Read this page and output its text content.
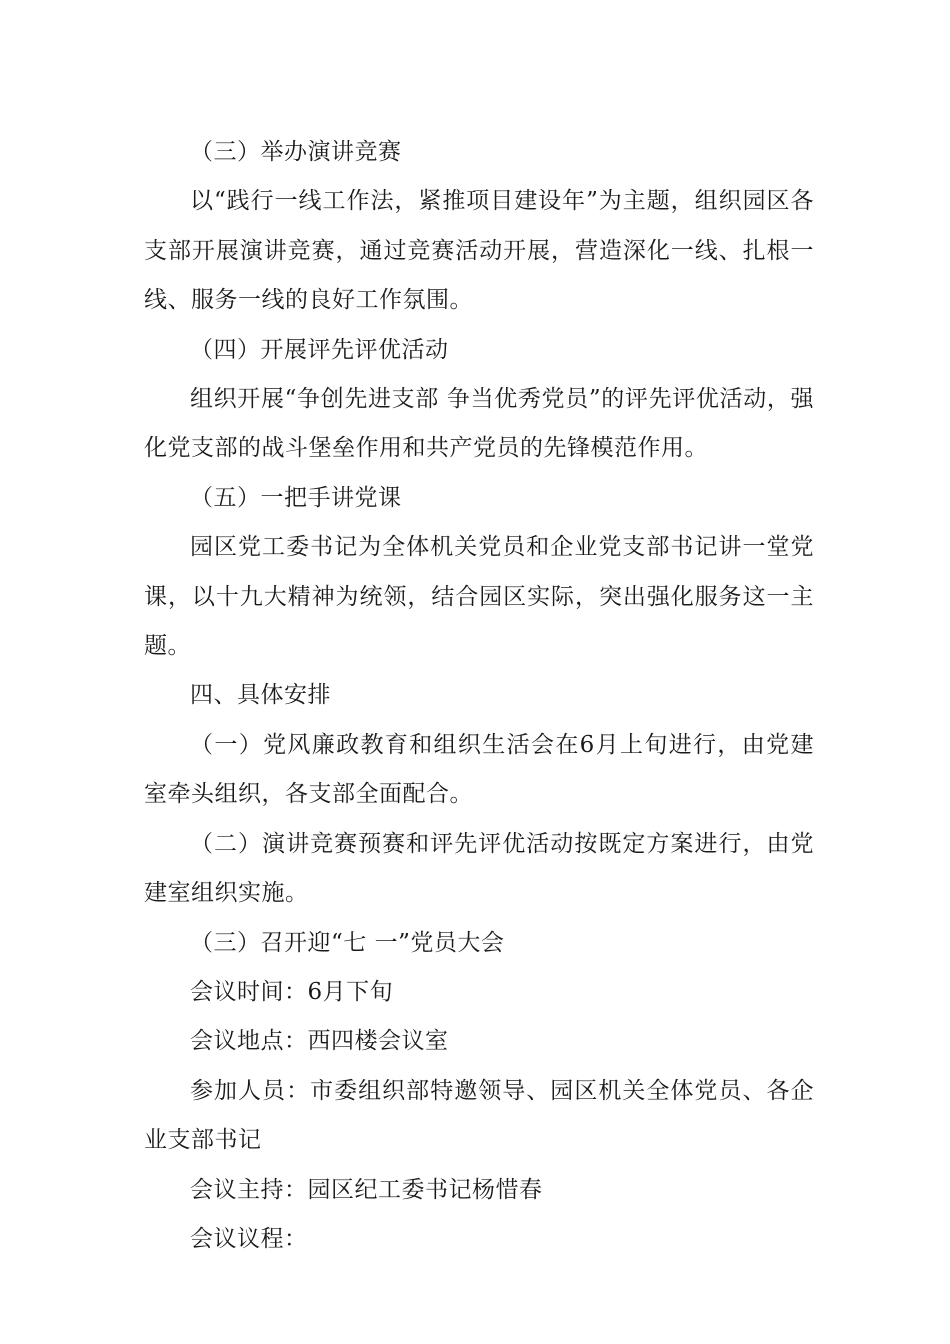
（三）举办演讲竞赛

以“践行一线工作法，紧推项目建设年”为主题，组织园区各支部开展演讲竞赛，通过竞赛活动开展，营造深化一线、扎根一线、服务一线的良好工作氛围。

（四）开展评先评优活动

组织开展“争创先进支部 争当优秀党员”的评先评优活动，强化党支部的战斗堡垒作用和共产党员的先锋模范作用。

（五）一把手讲党课

园区党工委书记为全体机关党员和企业党支部书记讲一堂党课，以十九大精神为统领，结合园区实际，突出强化服务这一主题。

四、具体安排

（一）党风廉政教育和组织生活会在6月上旬进行，由党建室牵头组织，各支部全面配合。

（二）演讲竞赛预赛和评先评优活动按既定方案进行，由党建室组织实施。

（三）召开迎“七 一”党员大会

会议时间：6月下旬

会议地点：西四楼会议室

参加人员：市委组织部特邀领导、园区机关全体党员、各企业支部书记

会议主持：园区纪工委书记杨惜春

会议议程：
